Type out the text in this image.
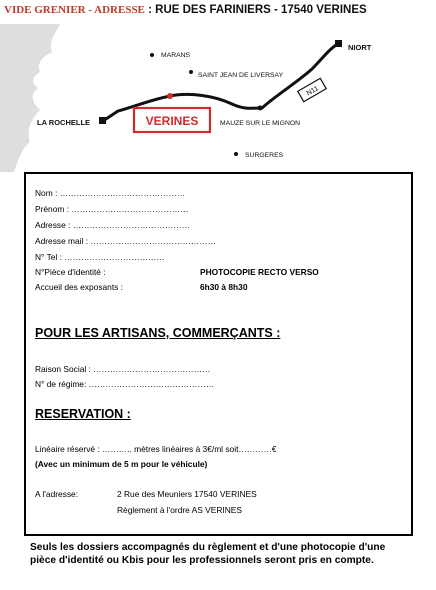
VIDE GRENIER - ADRESSE : RUE DES FARINIERS - 17540 VERINES
MARANS
SAINT JEAN DE LIVERSAY
NIORT
LA ROCHELLE	MAUZE SUR LE MIGNON
SURGERES
VERINES
N11
Nom : ………………………………………
Prénom : ……………………………………
Adresse : ……………………………………
Adresse mail : ………………………………………
N° Tel : ………………………………
N°Pièce d'identité :	PHOTOCOPIE RECTO VERSO
Accueil des exposants :	6h30 à 8h30
POUR LES ARTISANS, COMMERÇANTS :
Raison Social : ……………………………………
N° de régime: ………………………………………
RESERVATION :
Linéaire réservé : ……….. mètres linéaires à 3€/ml soit…………€
(Avec un minimum de 5 m pour le véhicule)
A l'adresse:	2 Rue des Meuniers 17540 VERINES
Règlement à l'ordre AS VERINES
Seuls les dossiers accompagnés du règlement et d'une photocopie d'une pièce d'identité ou Kbis pour les professionnels seront pris en compte.
